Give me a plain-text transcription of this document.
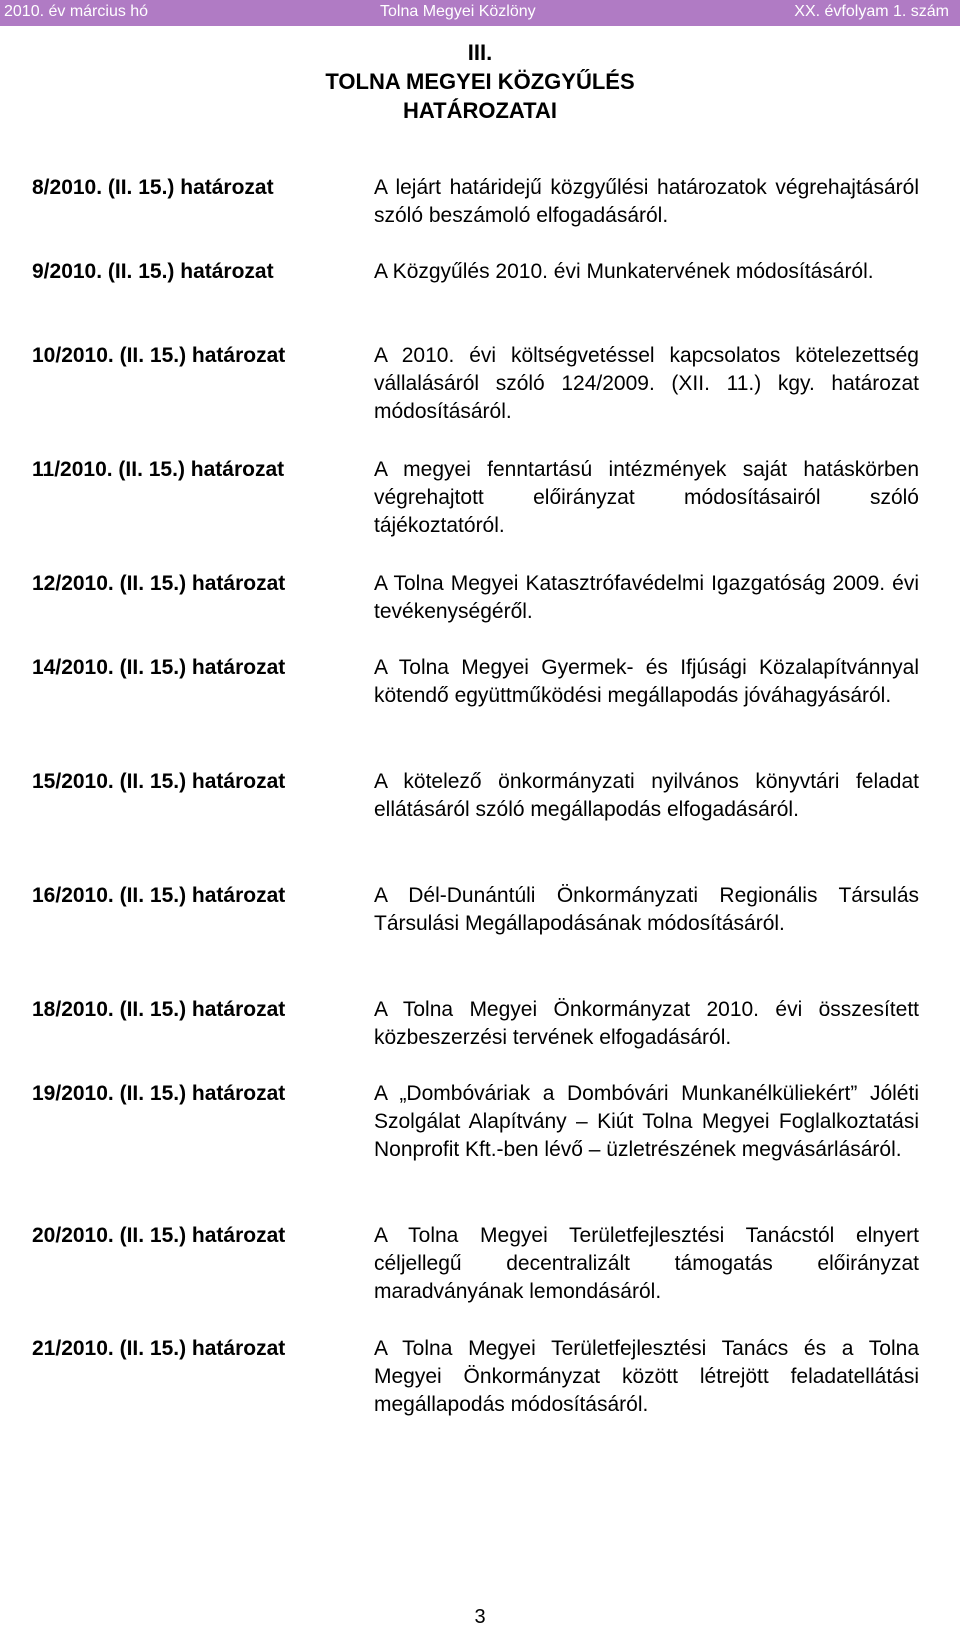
2010. év március hó	Tolna Megyei Közlöny	XX. évfolyam 1. szám
III.
TOLNA MEGYEI KÖZGYŰLÉS
HATÁROZATAI
8/2010. (II. 15.) határozat	A lejárt határidejű közgyűlési határozatok végrehajtásáról szóló beszámoló elfogadásáról.
9/2010. (II. 15.) határozat	A Közgyűlés 2010. évi Munkatervének módosításáról.
10/2010. (II. 15.) határozat	A 2010. évi költségvetéssel kapcsolatos kötelezettség vállalásáról szóló 124/2009. (XII. 11.) kgy. határozat módosításáról.
11/2010. (II. 15.) határozat	A megyei fenntartású intézmények saját hatáskörben végrehajtott előirányzat módosításairól szóló tájékoztatóról.
12/2010. (II. 15.) határozat	A Tolna Megyei Katasztrófavédelmi Igazgatóság 2009. évi tevékenységéről.
14/2010. (II. 15.) határozat	A Tolna Megyei Gyermek- és Ifjúsági Közalapítvánnyal kötendő együttműködési megállapodás jóváhagyásáról.
15/2010. (II. 15.) határozat	A kötelező önkormányzati nyilvános könyvtári feladat ellátásáról szóló megállapodás elfogadásáról.
16/2010. (II. 15.) határozat	A Dél-Dunántúli Önkormányzati Regionális Társulás Társulási Megállapodásának módosításáról.
18/2010. (II. 15.) határozat	A Tolna Megyei Önkormányzat 2010. évi összesített közbeszerzési tervének elfogadásáról.
19/2010. (II. 15.) határozat	A „Dombóváriak a Dombóvári Munkanélküliekért” Jóléti Szolgálat Alapítvány – Kiút Tolna Megyei Foglalkoztatási Nonprofit Kft.-ben lévő – üzletrészének megvásárlásáról.
20/2010. (II. 15.) határozat	A Tolna Megyei Területfejlesztési Tanácstól elnyert céljellegű decentralizált támogatás előirányzat maradványának lemondásáról.
21/2010. (II. 15.) határozat	A Tolna Megyei Területfejlesztési Tanács és a Tolna Megyei Önkormányzat között létrejött feladatellátási megállapodás módosításáról.
3
